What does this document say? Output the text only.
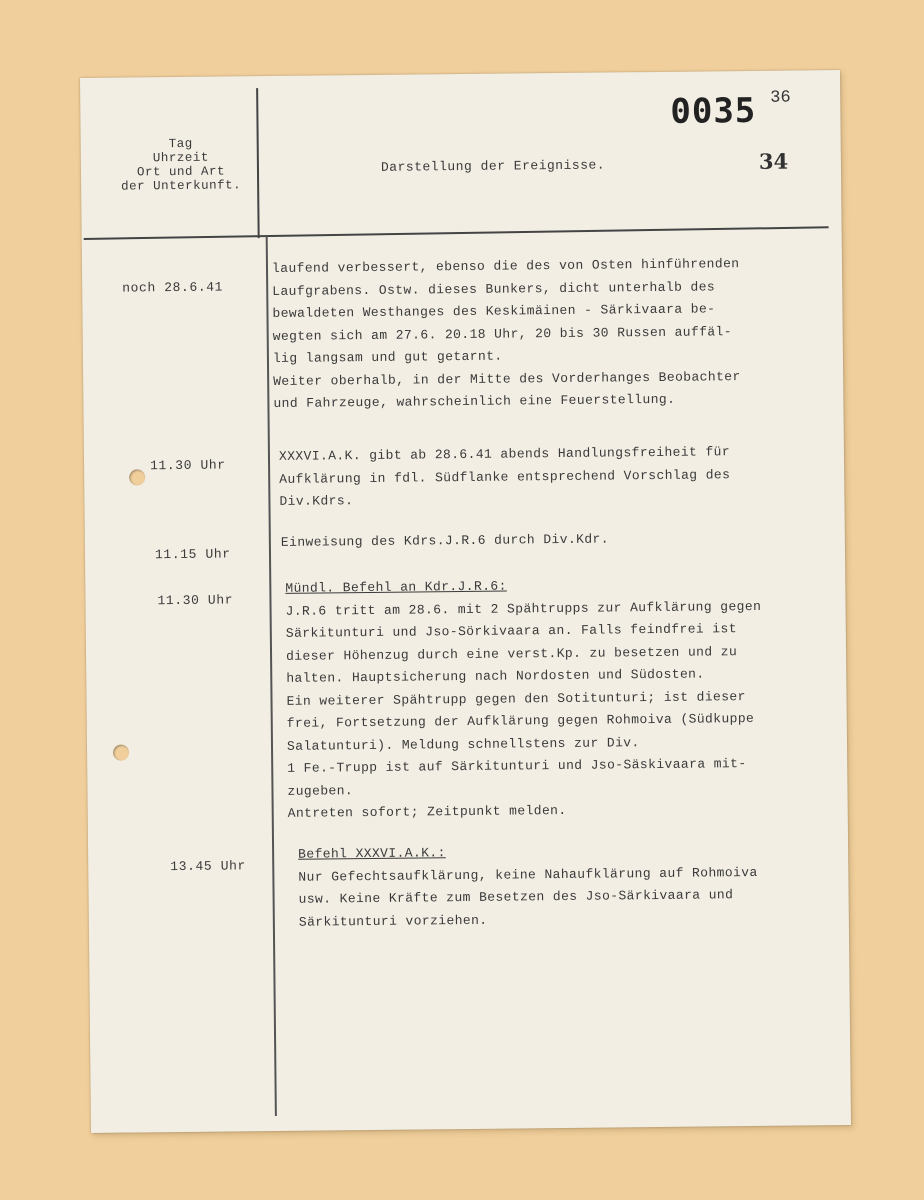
Tag
Uhrzeit
Ort und Art
der Unterkunft.
Darstellung der Ereignisse.
0035 36
34
noch 28.6.41
laufend verbessert, ebenso die des von Osten hinführenden
Laufgrabens. Ostw. dieses Bunkers, dicht unterhalb des
bewaldeten Westhanges des Keskimäinen - Särkivaara be-
wegten sich am 27.6. 20.18 Uhr, 20 bis 30 Russen auffäl-
lig langsam und gut getarnt.
Weiter oberhalb, in der Mitte des Vorderhanges Beobachter
und Fahrzeuge, wahrscheinlich eine Feuerstellung.
11.30 Uhr
XXXVI.A.K. gibt ab 28.6.41 abends Handlungsfreiheit für
Aufklärung in fdl. Südflanke entsprechend Vorschlag des
Div.Kdrs.
11.15 Uhr
Einweisung des Kdrs.J.R.6 durch Div.Kdr.
11.30 Uhr
Mündl. Befehl an Kdr.J.R.6:
J.R.6 tritt am 28.6. mit 2 Spähtrupps zur Aufklärung gegen
Särkitunturi und Jso-Sörkivaara an. Falls feindfrei ist
dieser Höhenzug durch eine verst.Kp. zu besetzen und zu
halten. Hauptsicherung nach Nordosten und Südosten.
Ein weiterer Spähtrupp gegen den Sotitunturi; ist dieser
frei, Fortsetzung der Aufklärung gegen Rohmoiva (Südkuppe
Salatunturi). Meldung schnellstens zur Div.
1 Fe.-Trupp ist auf Särkitunturi und Jso-Säskivaara mit-
zugeben.
Antreten sofort; Zeitpunkt melden.
13.45 Uhr
Befehl XXXVI.A.K.:
Nur Gefechtsaufklärung, keine Nahaufklärung auf Rohmoiva
usw. Keine Kräfte zum Besetzen des Jso-Särkivaara und
Särkitunturi vorziehen.
